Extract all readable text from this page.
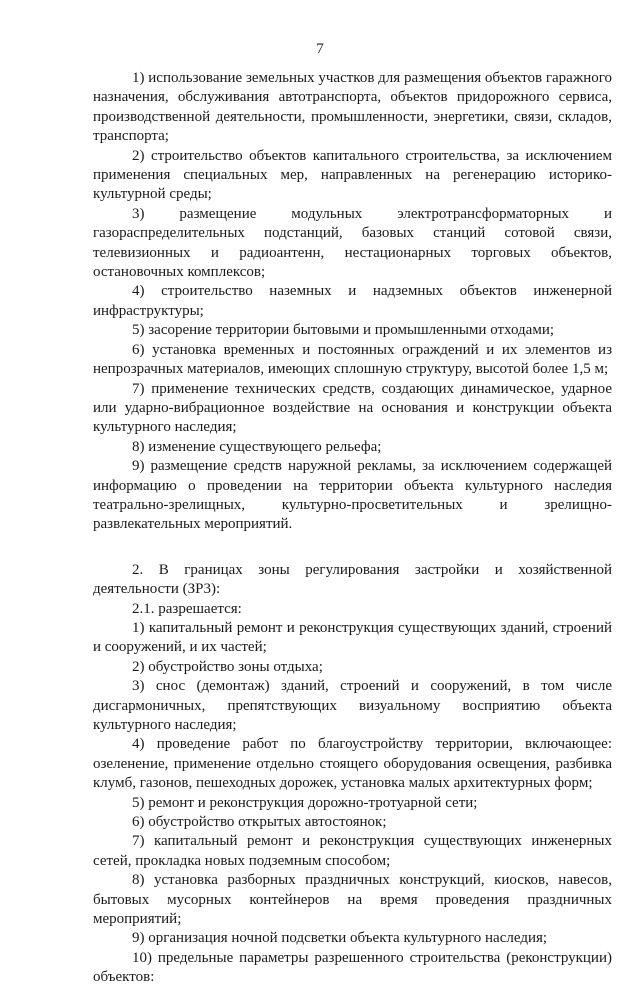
7

1) использование земельных участков для размещения объектов гаражного назначения, обслуживания автотранспорта, объектов придорожного сервиса, производственной деятельности, промышленности, энергетики, связи, складов, транспорта;

2) строительство объектов капитального строительства, за исключением применения специальных мер, направленных на регенерацию историко-культурной среды;

3) размещение модульных электротрансформаторных и газораспределительных подстанций, базовых станций сотовой связи, телевизионных и радиоантенн, нестационарных торговых объектов, остановочных комплексов;

4) строительство наземных и надземных объектов инженерной инфраструктуры;

5) засорение территории бытовыми и промышленными отходами;

6) установка временных и постоянных ограждений и их элементов из непрозрачных материалов, имеющих сплошную структуру, высотой более 1,5 м;

7) применение технических средств, создающих динамическое, ударное или ударно-вибрационное воздействие на основания и конструкции объекта культурного наследия;

8) изменение существующего рельефа;

9) размещение средств наружной рекламы, за исключением содержащей информацию о проведении на территории объекта культурного наследия театрально-зрелищных, культурно-просветительных и зрелищно-развлекательных мероприятий.

2. В границах зоны регулирования застройки и хозяйственной деятельности (ЗР3):

2.1. разрешается:

1) капитальный ремонт и реконструкция существующих зданий, строений и сооружений, и их частей;

2) обустройство зоны отдыха;

3) снос (демонтаж) зданий, строений и сооружений, в том числе дисгармоничных, препятствующих визуальному восприятию объекта культурного наследия;

4) проведение работ по благоустройству территории, включающее: озеленение, применение отдельно стоящего оборудования освещения, разбивка клумб, газонов, пешеходных дорожек, установка малых архитектурных форм;

5) ремонт и реконструкция дорожно-тротуарной сети;

6) обустройство открытых автостоянок;

7) капитальный ремонт и реконструкция существующих инженерных сетей, прокладка новых подземным способом;

8) установка разборных праздничных конструкций, киосков, навесов, бытовых мусорных контейнеров на время проведения праздничных мероприятий;

9) организация ночной подсветки объекта культурного наследия;

10) предельные параметры разрешенного строительства (реконструкции) объектов:
